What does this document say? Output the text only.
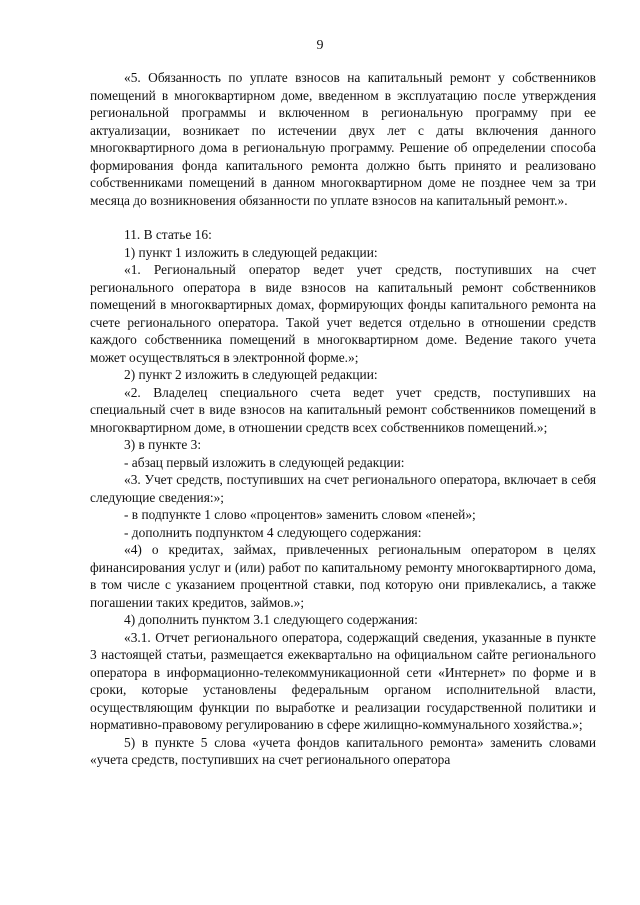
9

«5. Обязанность по уплате взносов на капитальный ремонт у собственников помещений в многоквартирном доме, введенном в эксплуатацию после утверждения региональной программы и включенном в региональную программу при ее актуализации, возникает по истечении двух лет с даты включения данного многоквартирного дома в региональную программу. Решение об определении способа формирования фонда капитального ремонта должно быть принято и реализовано собственниками помещений в данном многоквартирном доме не позднее чем за три месяца до возникновения обязанности по уплате взносов на капитальный ремонт.».

11. В статье 16:

1) пункт 1 изложить в следующей редакции:

«1. Региональный оператор ведет учет средств, поступивших на счет регионального оператора в виде взносов на капитальный ремонт собственников помещений в многоквартирных домах, формирующих фонды капитального ремонта на счете регионального оператора. Такой учет ведется отдельно в отношении средств каждого собственника помещений в многоквартирном доме. Ведение такого учета может осуществляться в электронной форме.»;

2) пункт 2 изложить в следующей редакции:

«2. Владелец специального счета ведет учет средств, поступивших на специальный счет в виде взносов на капитальный ремонт собственников помещений в многоквартирном доме, в отношении средств всех собственников помещений.»;

3) в пункте 3:

- абзац первый изложить в следующей редакции:

«3. Учет средств, поступивших на счет регионального оператора, включает в себя следующие сведения:»;

- в подпункте 1 слово «процентов» заменить словом «пеней»;

- дополнить подпунктом 4 следующего содержания:

«4) о кредитах, займах, привлеченных региональным оператором в целях финансирования услуг и (или) работ по капитальному ремонту многоквартирного дома, в том числе с указанием процентной ставки, под которую они привлекались, а также погашении таких кредитов, займов.»;

4) дополнить пунктом 3.1 следующего содержания:

«3.1. Отчет регионального оператора, содержащий сведения, указанные в пункте 3 настоящей статьи, размещается ежеквартально на официальном сайте регионального оператора в информационно-телекоммуникационной сети «Интернет» по форме и в сроки, которые установлены федеральным органом исполнительной власти, осуществляющим функции по выработке и реализации государственной политики и нормативно-правовому регулированию в сфере жилищно-коммунального хозяйства.»;

5) в пункте 5 слова «учета фондов капитального ремонта» заменить словами «учета средств, поступивших на счет регионального оператора
